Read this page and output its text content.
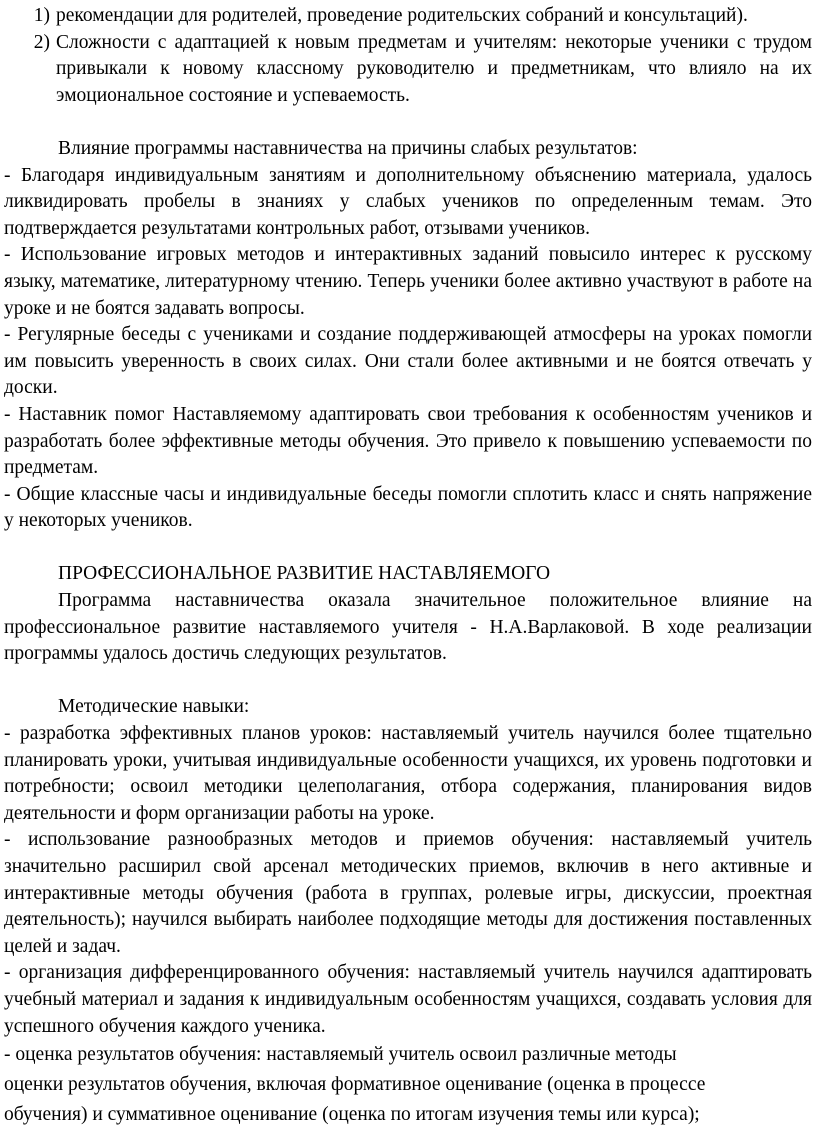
1) рекомендации для родителей, проведение родительских собраний и консультаций).
2) Сложности с адаптацией к новым предметам и учителям: некоторые ученики с трудом привыкали к новому классному руководителю и предметникам, что влияло на их эмоциональное состояние и успеваемость.

Влияние программы наставничества на причины слабых результатов:

- Благодаря индивидуальным занятиям и дополнительному объяснению материала, удалось ликвидировать пробелы в знаниях у слабых учеников по определенным темам. Это подтверждается результатами контрольных работ, отзывами учеников.

- Использование игровых методов и интерактивных заданий повысило интерес к русскому языку, математике, литературному чтению. Теперь ученики более активно участвуют в работе на уроке и не боятся задавать вопросы.

- Регулярные беседы с учениками и создание поддерживающей атмосферы на уроках помогли им повысить уверенность в своих силах. Они стали более активными и не боятся отвечать у доски.

- Наставник помог Наставляемому адаптировать свои требования к особенностям учеников и разработать более эффективные методы обучения. Это привело к повышению успеваемости по предметам.

- Общие классные часы и индивидуальные беседы помогли сплотить класс и снять напряжение у некоторых учеников.

ПРОФЕССИОНАЛЬНОЕ РАЗВИТИЕ НАСТАВЛЯЕМОГО

Программа наставничества оказала значительное положительное влияние на профессиональное развитие наставляемого учителя - Н.А.Варлаковой. В ходе реализации программы удалось достичь следующих результатов.

Методические навыки:

- разработка эффективных планов уроков: наставляемый учитель научился более тщательно планировать уроки, учитывая индивидуальные особенности учащихся, их уровень подготовки и потребности; освоил методики целеполагания, отбора содержания, планирования видов деятельности и форм организации работы на уроке.

- использование разнообразных методов и приемов обучения: наставляемый учитель значительно расширил свой арсенал методических приемов, включив в него активные и интерактивные методы обучения (работа в группах, ролевые игры, дискуссии, проектная деятельность); научился выбирать наиболее подходящие методы для достижения поставленных целей и задач.

- организация дифференцированного обучения: наставляемый учитель научился адаптировать учебный материал и задания к индивидуальным особенностям учащихся, создавать условия для успешного обучения каждого ученика.

- оценка результатов обучения: наставляемый учитель освоил различные методы

оценки результатов обучения, включая формативное оценивание (оценка в процессе

обучения) и суммативное оценивание (оценка по итогам изучения темы или курса);
